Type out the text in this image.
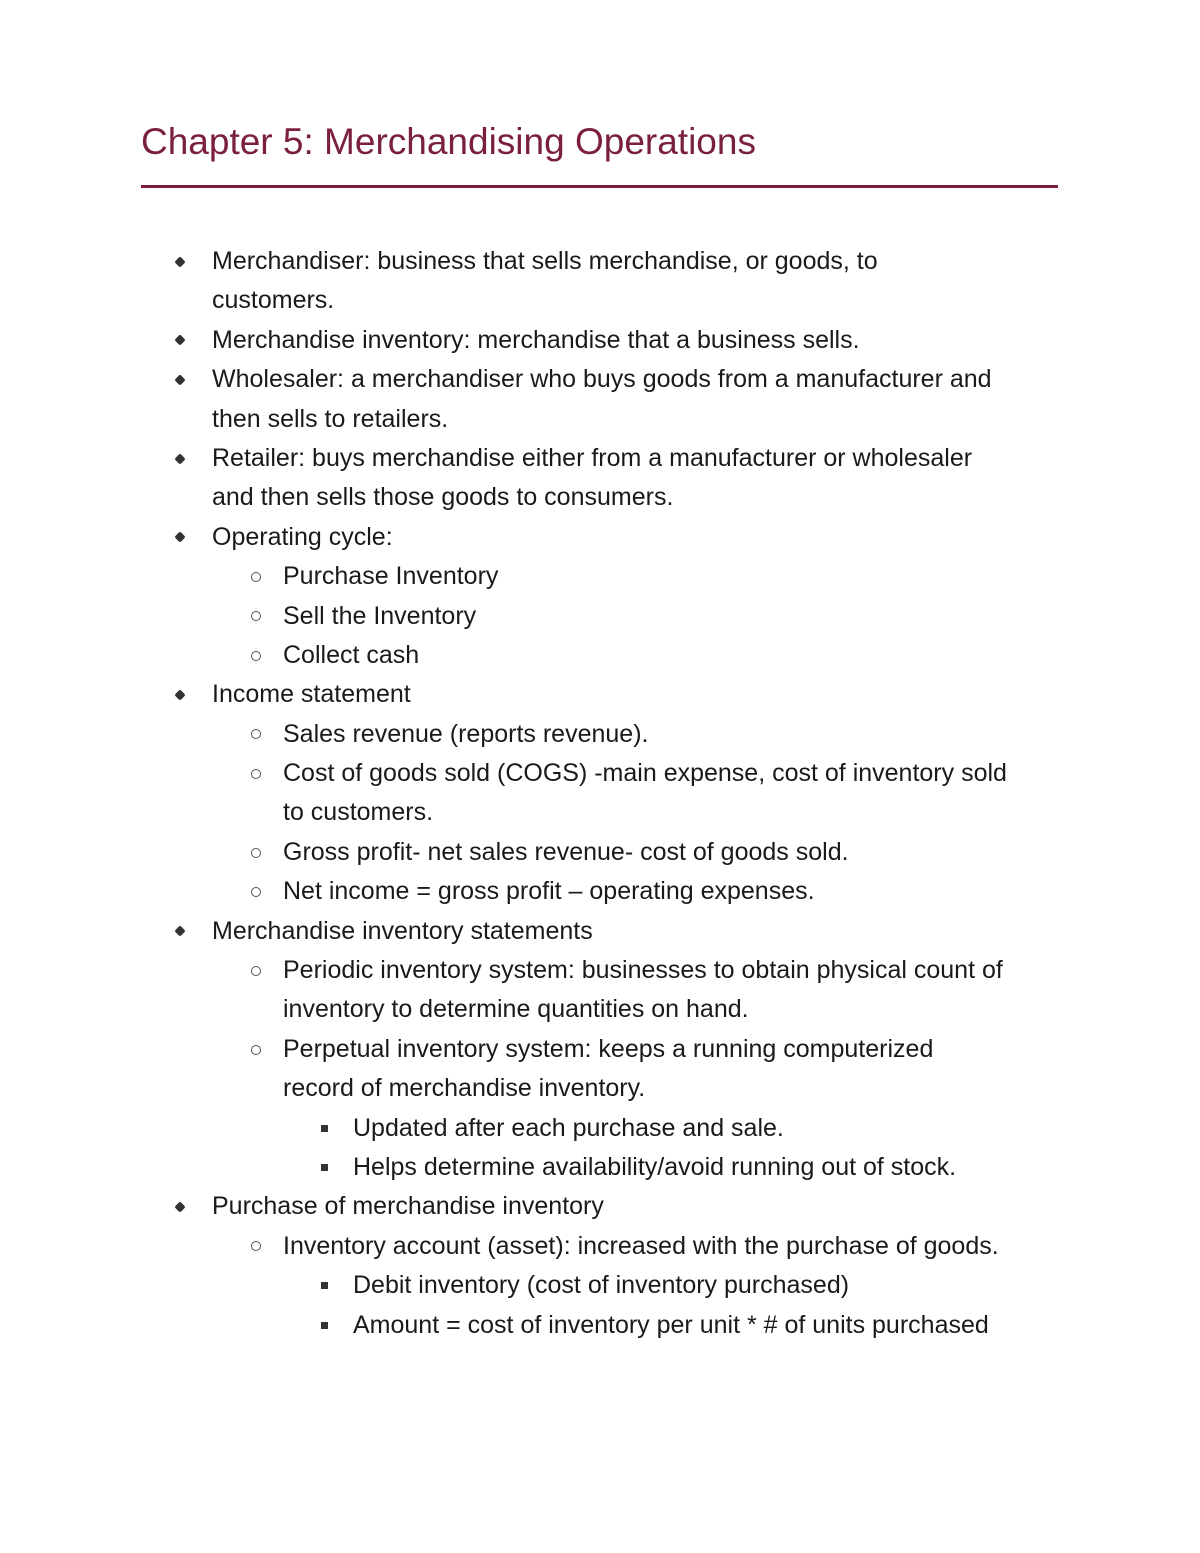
Chapter 5: Merchandising Operations
Merchandiser: business that sells merchandise, or goods, to
customers.
Merchandise inventory: merchandise that a business sells.
Wholesaler: a merchandiser who buys goods from a manufacturer and
then sells to retailers.
Retailer: buys merchandise either from a manufacturer or wholesaler
and then sells those goods to consumers.
Operating cycle:
Purchase Inventory
Sell the Inventory
Collect cash
Income statement
Sales revenue (reports revenue).
Cost of goods sold (COGS) -main expense, cost of inventory sold
to customers.
Gross profit- net sales revenue- cost of goods sold.
Net income = gross profit – operating expenses.
Merchandise inventory statements
Periodic inventory system: businesses to obtain physical count of
inventory to determine quantities on hand.
Perpetual inventory system: keeps a running computerized
record of merchandise inventory.
Updated after each purchase and sale.
Helps determine availability/avoid running out of stock.
Purchase of merchandise inventory
Inventory account (asset): increased with the purchase of goods.
Debit inventory (cost of inventory purchased)
Amount = cost of inventory per unit * # of units purchased
